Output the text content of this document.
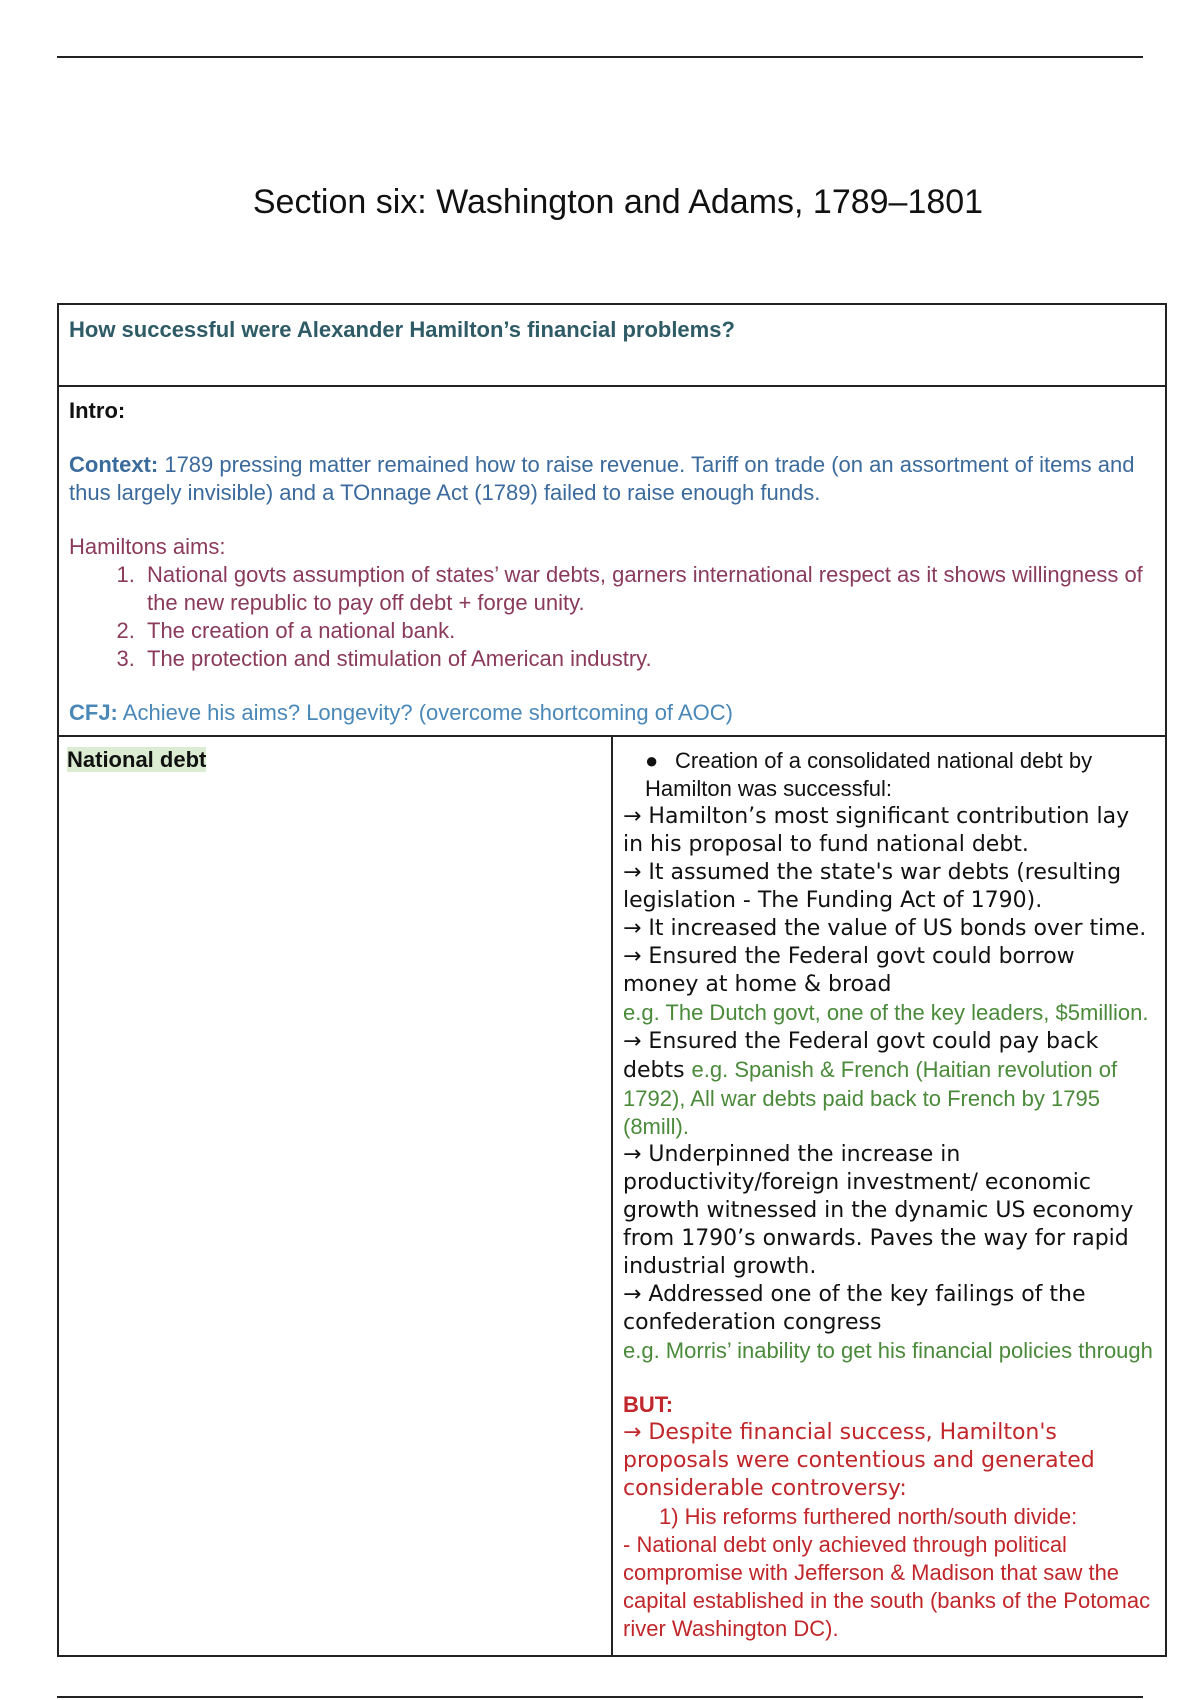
Section six: Washington and Adams, 1789–1801
How successful were Alexander Hamilton’s financial problems?

Intro:
Context: 1789 pressing matter remained how to raise revenue. Tariff on trade (on an assortment of items and thus largely invisible) and a TOnnage Act (1789) failed to raise enough funds.
Hamiltons aims:
1. National govts assumption of states’ war debts, garners international respect as it shows willingness of the new republic to pay off debt + forge unity.
2. The creation of a national bank.
3. The protection and stimulation of American industry.
CFJ: Achieve his aims? Longevity? (overcome shortcoming of AOC)

National debt	● Creation of a consolidated national debt by Hamilton was successful:
→ Hamilton’s most significant contribution lay in his proposal to fund national debt.
→ It assumed the state's war debts (resulting legislation - The Funding Act of 1790).
→ It increased the value of US bonds over time.
→ Ensured the Federal govt could borrow money at home & broad
e.g. The Dutch govt, one of the key leaders, $5million.
→ Ensured the Federal govt could pay back debts e.g. Spanish & French (Haitian revolution of 1792), All war debts paid back to French by 1795 (8mill).
→ Underpinned the increase in productivity/foreign investment/ economic growth witnessed in the dynamic US economy from 1790’s onwards. Paves the way for rapid industrial growth.
→ Addressed one of the key failings of the confederation congress
e.g. Morris’ inability to get his financial policies through
BUT:
→ Despite financial success, Hamilton's proposals were contentious and generated considerable controversy:
1) His reforms furthered north/south divide:
- National debt only achieved through political compromise with Jefferson & Madison that saw the capital established in the south (banks of the Potomac river Washington DC).
